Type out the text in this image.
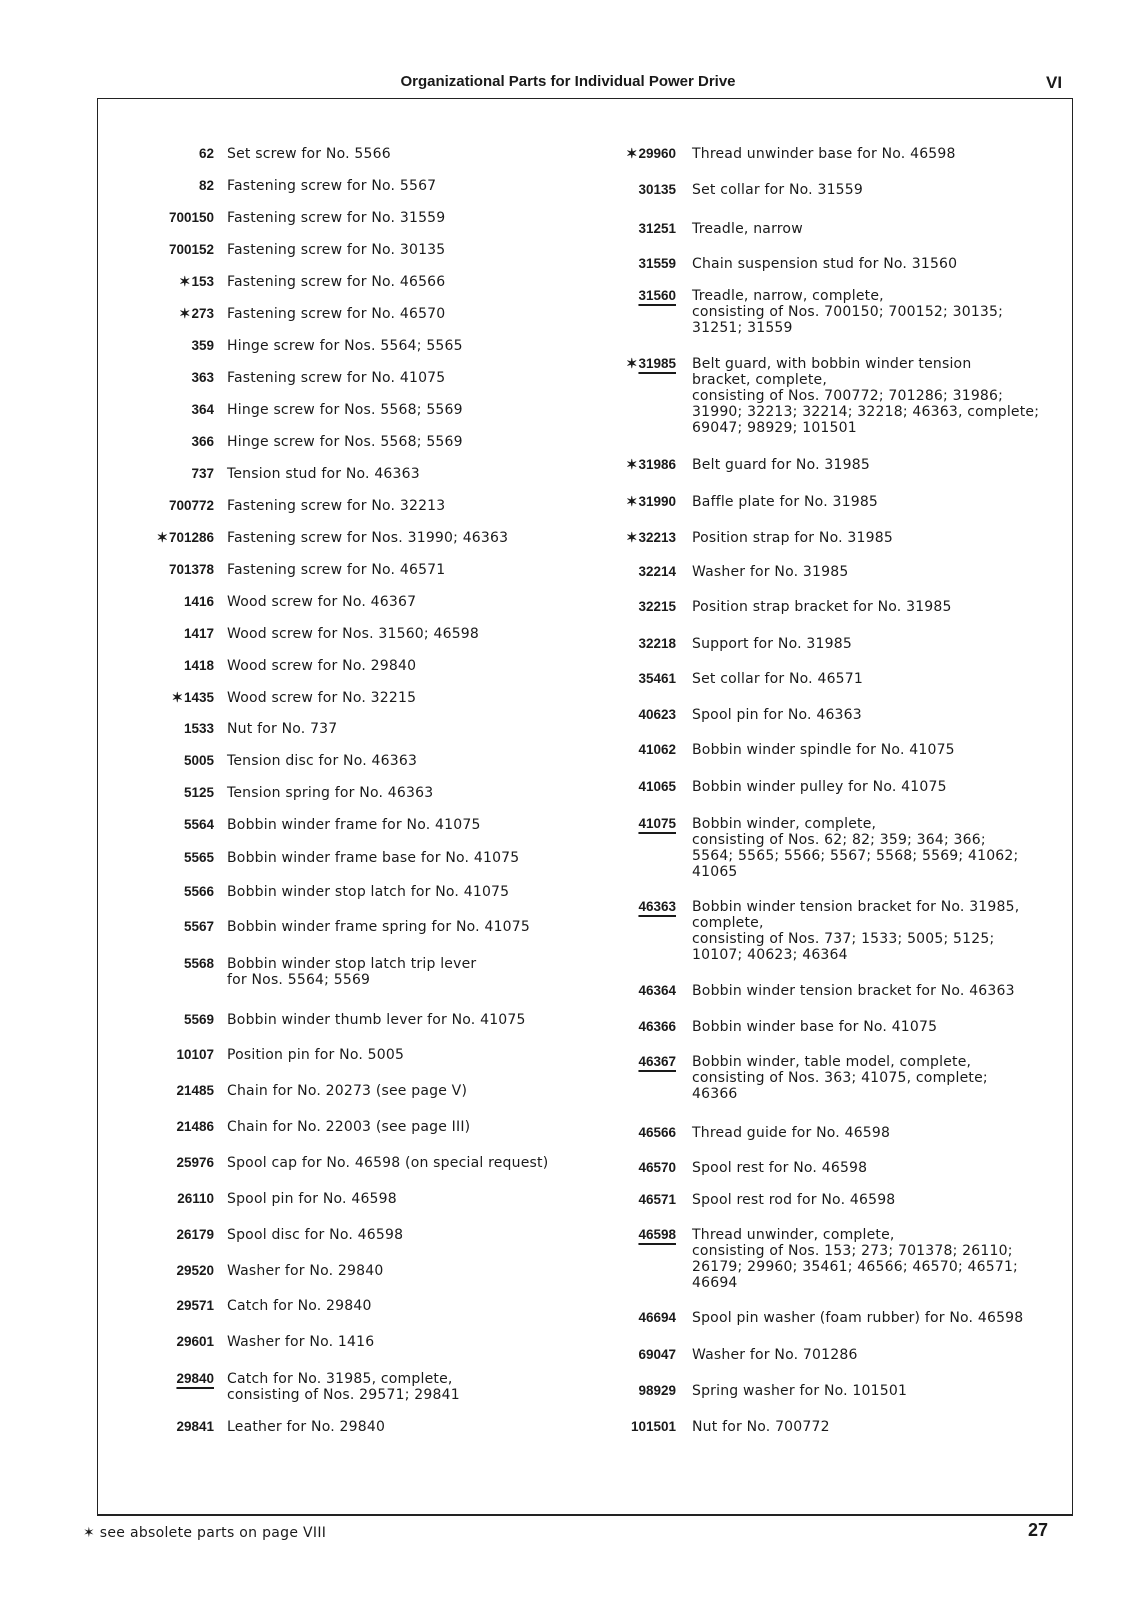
Organizational Parts for Individual Power Drive	VI
62 Set screw for No. 5566
82 Fastening screw for No. 5567
700150 Fastening screw for No. 31559
700152 Fastening screw for No. 30135
✶153 Fastening screw for No. 46566
✶273 Fastening screw for No. 46570
359 Hinge screw for Nos. 5564; 5565
363 Fastening screw for No. 41075
364 Hinge screw for Nos. 5568; 5569
366 Hinge screw for Nos. 5568; 5569
737 Tension stud for No. 46363
700772 Fastening screw for No. 32213
✶701286 Fastening screw for Nos. 31990; 46363
701378 Fastening screw for No. 46571
1416 Wood screw for No. 46367
1417 Wood screw for Nos. 31560; 46598
1418 Wood screw for No. 29840
✶1435 Wood screw for No. 32215
1533 Nut for No. 737
5005 Tension disc for No. 46363
5125 Tension spring for No. 46363
5564 Bobbin winder frame for No. 41075
5565 Bobbin winder frame base for No. 41075
5566 Bobbin winder stop latch for No. 41075
5567 Bobbin winder frame spring for No. 41075
5568 Bobbin winder stop latch trip lever
for Nos. 5564; 5569
5569 Bobbin winder thumb lever for No. 41075
10107 Position pin for No. 5005
21485 Chain for No. 20273 (see page V)
21486 Chain for No. 22003 (see page III)
25976 Spool cap for No. 46598 (on special request)
26110 Spool pin for No. 46598
26179 Spool disc for No. 46598
29520 Washer for No. 29840
29571 Catch for No. 29840
29601 Washer for No. 1416
29840 Catch for No. 31985, complete,
consisting of Nos. 29571; 29841
29841 Leather for No. 29840
✶29960 Thread unwinder base for No. 46598
30135 Set collar for No. 31559
31251 Treadle, narrow
31559 Chain suspension stud for No. 31560
31560 Treadle, narrow, complete,
consisting of Nos. 700150; 700152; 30135;
31251; 31559
✶31985 Belt guard, with bobbin winder tension
bracket, complete,
consisting of Nos. 700772; 701286; 31986;
31990; 32213; 32214; 32218; 46363, complete;
69047; 98929; 101501
✶31986 Belt guard for No. 31985
✶31990 Baffle plate for No. 31985
✶32213 Position strap for No. 31985
32214 Washer for No. 31985
32215 Position strap bracket for No. 31985
32218 Support for No. 31985
35461 Set collar for No. 46571
40623 Spool pin for No. 46363
41062 Bobbin winder spindle for No. 41075
41065 Bobbin winder pulley for No. 41075
41075 Bobbin winder, complete,
consisting of Nos. 62; 82; 359; 364; 366;
5564; 5565; 5566; 5567; 5568; 5569; 41062;
41065
46363 Bobbin winder tension bracket for No. 31985,
complete,
consisting of Nos. 737; 1533; 5005; 5125;
10107; 40623; 46364
46364 Bobbin winder tension bracket for No. 46363
46366 Bobbin winder base for No. 41075
46367 Bobbin winder, table model, complete,
consisting of Nos. 363; 41075, complete;
46366
46566 Thread guide for No. 46598
46570 Spool rest for No. 46598
46571 Spool rest rod for No. 46598
46598 Thread unwinder, complete,
consisting of Nos. 153; 273; 701378; 26110;
26179; 29960; 35461; 46566; 46570; 46571;
46694
46694 Spool pin washer (foam rubber) for No. 46598
69047 Washer for No. 701286
98929 Spring washer for No. 101501
101501 Nut for No. 700772
✶ see absolete parts on page VIII	27
